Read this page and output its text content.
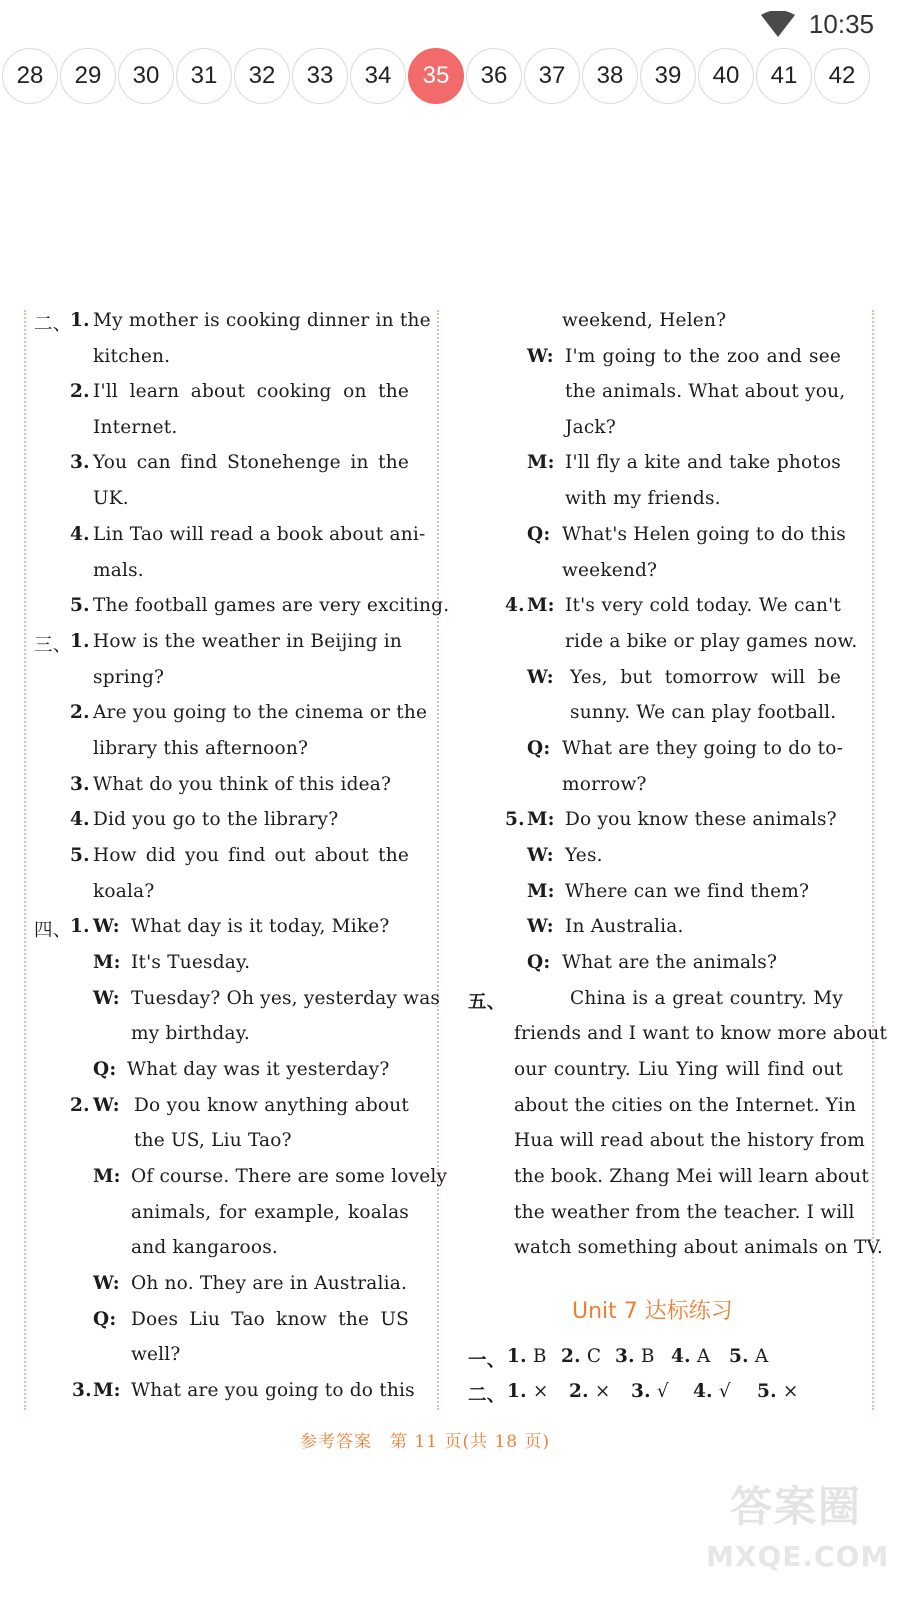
10:35
28	29	30	31	32	33	34	35	36	37	38	39	40	41	42
二、
1. My mother is cooking dinner in the
kitchen.
2. I'll learn about cooking on the
Internet.
3. You can find Stonehenge in the
UK.
4. Lin Tao will read a book about ani-
mals.
5. The football games are very exciting.
三、
1. How is the weather in Beijing in
spring?
2. Are you going to the cinema or the
library this afternoon?
3. What do you think of this idea?
4. Did you go to the library?
5. How did you find out about the
koala?
四、
1. W: What day is it today, Mike?
M: It's Tuesday.
W: Tuesday? Oh yes, yesterday was
my birthday.
Q: What day was it yesterday?
2. W: Do you know anything about
the US, Liu Tao?
M: Of course. There are some lovely
animals, for example, koalas
and kangaroos.
W: Oh no. They are in Australia.
Q: Does Liu Tao know the US
well?
3. M: What are you going to do this
weekend, Helen?
W: I'm going to the zoo and see
the animals. What about you,
Jack?
M: I'll fly a kite and take photos
with my friends.
Q: What's Helen going to do this
weekend?
4. M: It's very cold today. We can't
ride a bike or play games now.
W: Yes, but tomorrow will be
sunny. We can play football.
Q: What are they going to do to-
morrow?
5. M: Do you know these animals?
W: Yes.
M: Where can we find them?
W: In Australia.
Q: What are the animals?
五、	China is a great country. My
friends and I want to know more about
our country. Liu Ying will find out
about the cities on the Internet. Yin
Hua will read about the history from
the book. Zhang Mei will learn about
the weather from the teacher. I will
watch something about animals on TV.
Unit 7 达标练习
一、 1. B 2. C 3. B 4. A 5. A
二、 1. × 2. × 3. √ 4. √ 5. ×
参考答案　第 11 页(共 18 页)
答案圈
MXQE.COM
